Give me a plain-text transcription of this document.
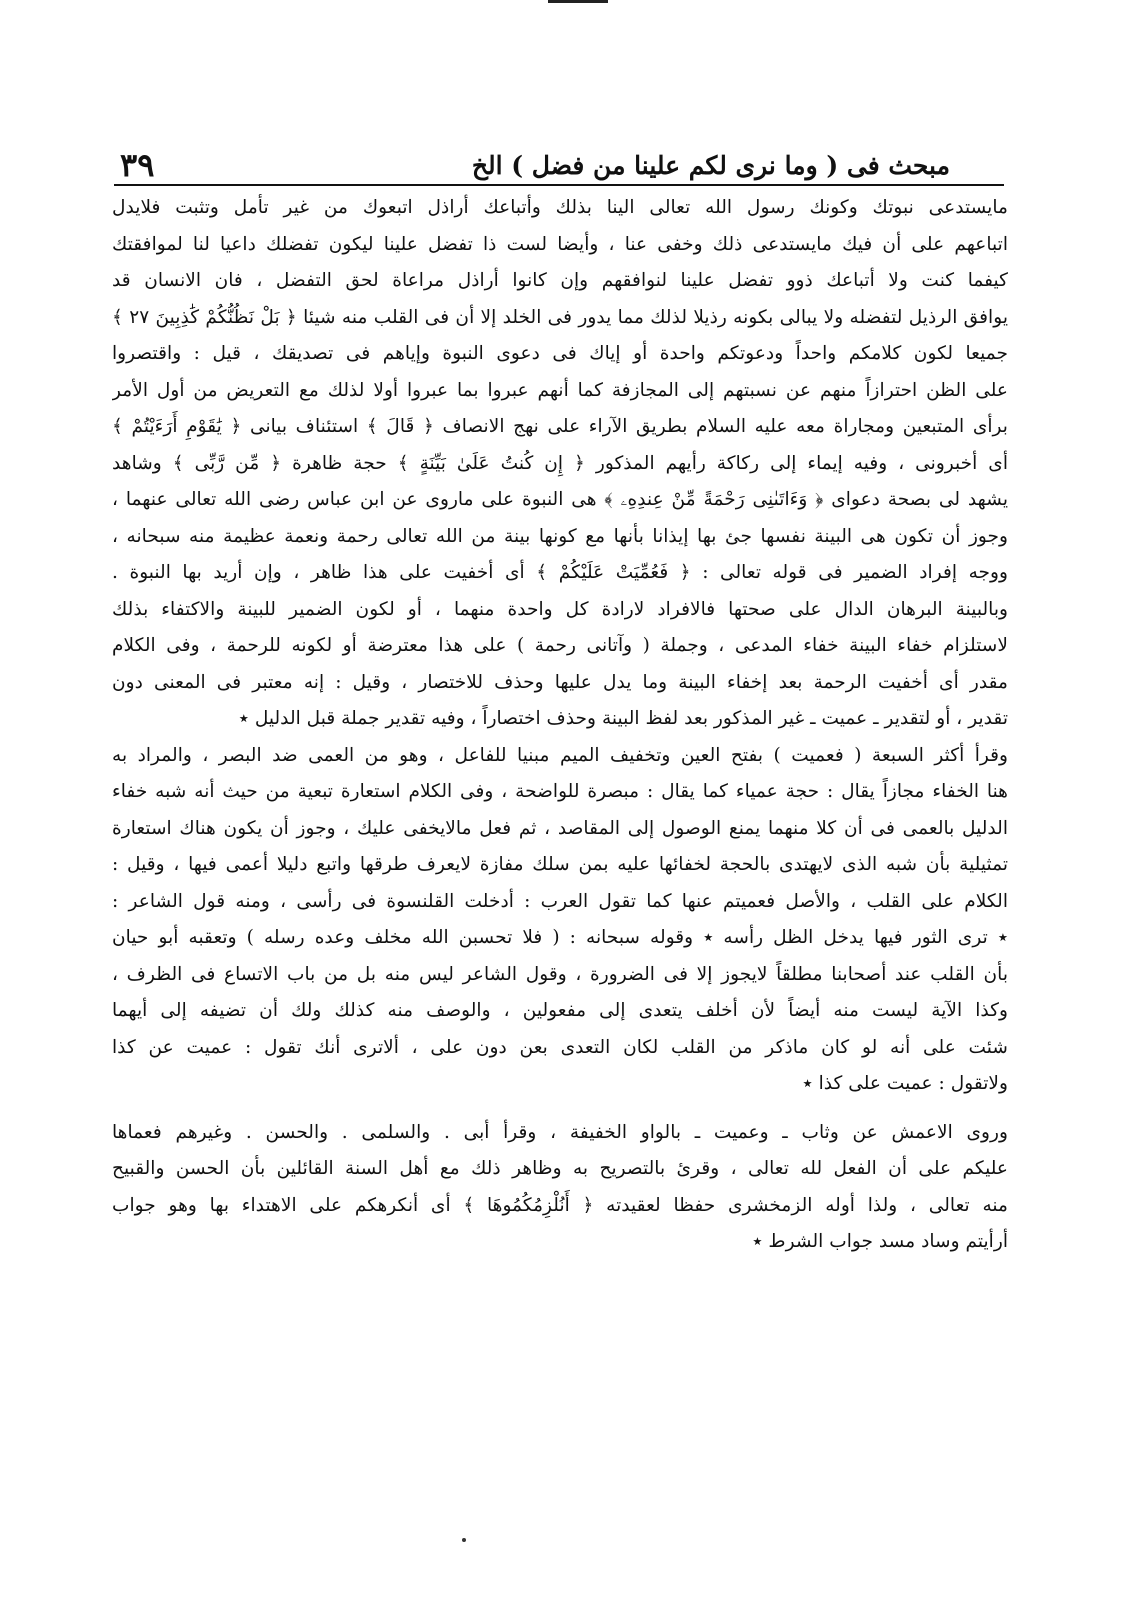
مبحث فى ( وما نرى لكم علينا من فضل ) الخ
٣٩
مايستدعى نبوتك وكونك رسول الله تعالى الينا بذلك وأتباعك أراذل اتبعوك من غير تأمل وتثبت فلايدل
اتباعهم على أن فيك مايستدعى ذلك وخفى عنا ، وأيضا لست ذا تفضل علينا ليكون تفضلك داعيا لنا لموافقتك
كيفما كنت ولا أتباعك ذوو تفضل علينا لنوافقهم وإن كانوا أراذل مراعاة لحق التفضل ، فان الانسان قد
يوافق الرذيل لتفضله ولا يبالى بكونه رذيلا لذلك مما يدور فى الخلد إلا أن فى القلب منه شيئا ﴿ بَلْ نَظُنُّكُمْ كَٰذِبِينَ ٢٧ ﴾
جميعا لكون كلامكم واحداً ودعوتكم واحدة أو إياك فى دعوى النبوة وإياهم فى تصديقك ، قيل : واقتصروا
على الظن احترازاً منهم عن نسبتهم إلى المجازفة كما أنهم عبروا بما عبروا أولا لذلك مع التعريض من أول الأمر
برأى المتبعين ومجاراة معه عليه السلام بطريق الآراء على نهج الانصاف ﴿ قَالَ ﴾ استئناف بيانى ﴿ يَٰقَوْمِ أَرَءَيْتُمْ ﴾
أى أخبرونى ، وفيه إيماء إلى ركاكة رأيهم المذكور ﴿ إِن كُنتُ عَلَىٰ بَيِّنَةٍ ﴾ حجة ظاهرة ﴿ مِّن رَّبِّى ﴾ وشاهد
يشهد لى بصحة دعواى ﴿ وَءَاتَىٰنِى رَحْمَةً مِّنْ عِندِهِۦ ﴾ هى النبوة على ماروى عن ابن عباس رضى الله تعالى عنهما ،
وجوز أن تكون هى البينة نفسها جئ بها إيذانا بأنها مع كونها بينة من الله تعالى رحمة ونعمة عظيمة منه سبحانه ،
ووجه إفراد الضمير فى قوله تعالى : ﴿ فَعُمِّيَتْ عَلَيْكُمْ ﴾ أى أخفيت على هذا ظاهر ، وإن أريد بها النبوة .
وبالبينة البرهان الدال على صحتها فالافراد لارادة كل واحدة منهما ، أو لكون الضمير للبينة والاكتفاء بذلك
لاستلزام خفاء البينة خفاء المدعى ، وجملة ( وآتانى رحمة ) على هذا معترضة أو لكونه للرحمة ، وفى الكلام
مقدر أى أخفيت الرحمة بعد إخفاء البينة وما يدل عليها وحذف للاختصار ، وقيل : إنه معتبر فى المعنى دون
تقدير ، أو لتقدير ـ عميت ـ غير المذكور بعد لفظ البينة وحذف اختصاراً ، وفيه تقدير جملة قبل الدليل ٭
وقرأ أكثر السبعة ( فعميت ) بفتح العين وتخفيف الميم مبنيا للفاعل ، وهو من العمى ضد البصر ، والمراد به
هنا الخفاء مجازاً يقال : حجة عمياء كما يقال : مبصرة للواضحة ، وفى الكلام استعارة تبعية من حيث أنه شبه خفاء
الدليل بالعمى فى أن كلا منهما يمنع الوصول إلى المقاصد ، ثم فعل مالايخفى عليك ، وجوز أن يكون هناك استعارة
تمثيلية بأن شبه الذى لايهتدى بالحجة لخفائها عليه بمن سلك مفازة لايعرف طرقها واتبع دليلا أعمى فيها ، وقيل :
الكلام على القلب ، والأصل فعميتم عنها كما تقول العرب : أدخلت القلنسوة فى رأسى ، ومنه قول الشاعر :
٭ ترى الثور فيها يدخل الظل رأسه ٭ وقوله سبحانه : ( فلا تحسبن الله مخلف وعده رسله ) وتعقبه أبو حيان
بأن القلب عند أصحابنا مطلقاً لايجوز إلا فى الضرورة ، وقول الشاعر ليس منه بل من باب الاتساع فى الظرف ،
وكذا الآية ليست منه أيضاً لأن أخلف يتعدى إلى مفعولين ، والوصف منه كذلك ولك أن تضيفه إلى أيهما
شئت على أنه لو كان ماذكر من القلب لكان التعدى بعن دون على ، ألاترى أنك تقول : عميت عن كذا
ولاتقول : عميت على كذا ٭
وروى الاعمش عن وثاب ـ وعميت ـ بالواو الخفيفة ، وقرأ أبى . والسلمى . والحسن . وغيرهم فعماها
عليكم على أن الفعل لله تعالى ، وقرئ بالتصريح به وظاهر ذلك مع أهل السنة القائلين بأن الحسن والقبيح
منه تعالى ، ولذا أوله الزمخشرى حفظا لعقيدته ﴿ أَنُلْزِمُكُمُوهَا ﴾ أى أنكرهكم على الاهتداء بها وهو جواب
أرأيتم وساد مسد جواب الشرط ٭
